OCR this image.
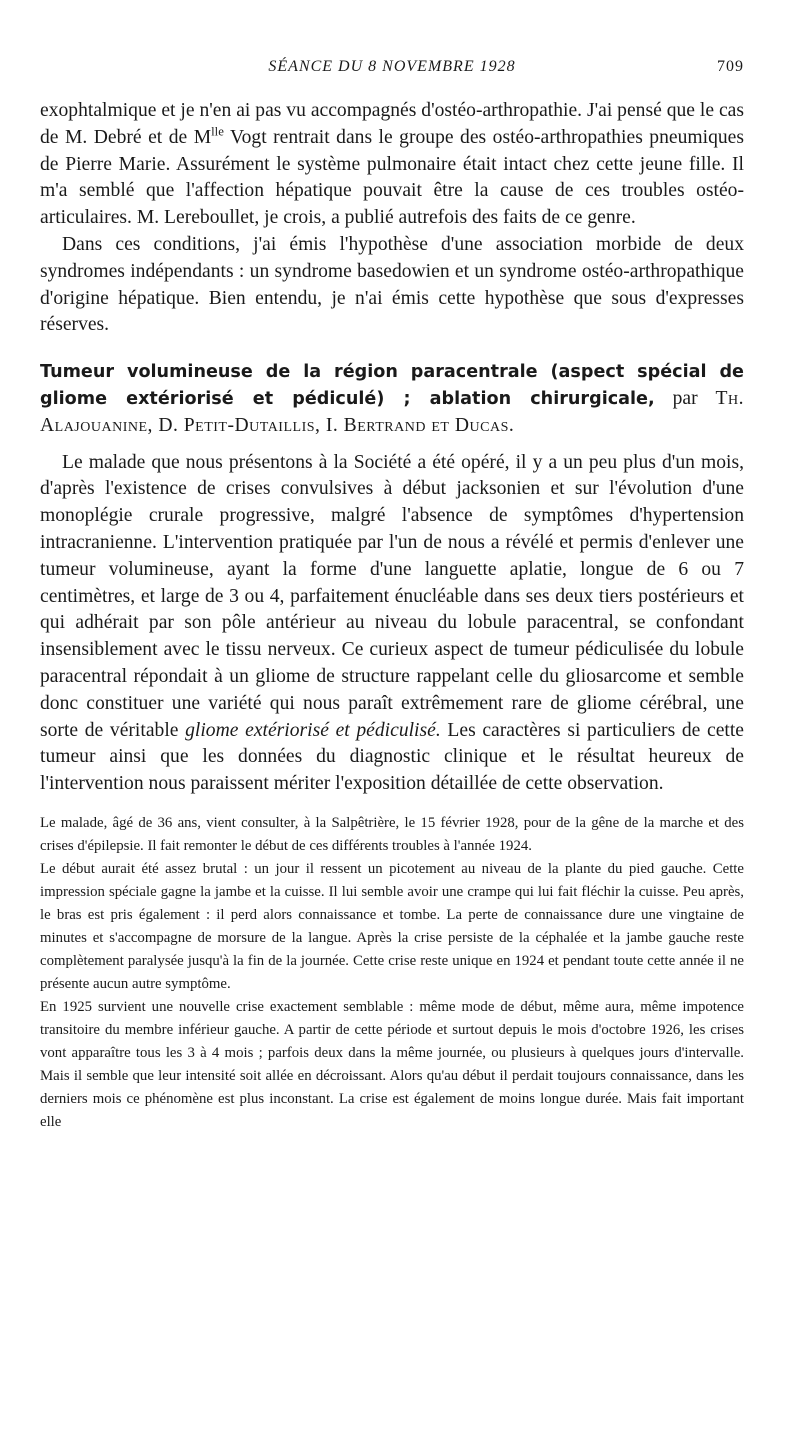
SÉANCE DU 8 NOVEMBRE 1928	709

exophtalmique et je n'en ai pas vu accompagnés d'ostéo-arthropathie. J'ai pensé que le cas de M. Debré et de $M^{lle}$ Vogt rentrait dans le groupe des ostéo-arthropathies pneumiques de Pierre Marie. Assurément le système pulmonaire était intact chez cette jeune fille. Il m'a semblé que l'affection hépatique pouvait être la cause de ces troubles ostéo-articulaires. M. Lereboullet, je crois, a publié autrefois des faits de ce genre.

Dans ces conditions, j'ai émis l'hypothèse d'une association morbide de deux syndromes indépendants : un syndrome basedowien et un syndrome ostéo-arthropathique d'origine hépatique. Bien entendu, je n'ai émis cette hypothèse que sous d'expresses réserves.

Tumeur volumineuse de la région paracentrale (aspect spécial de gliome extériorisé et pédiculé) ; ablation chirurgicale, par Th. Alajouanine, D. Petit-Dutaillis, I. Bertrand et Ducas.

Le malade que nous présentons à la Société a été opéré, il y a un peu plus d'un mois, d'après l'existence de crises convulsives à début jacksonien et sur l'évolution d'une monoplégie crurale progressive, malgré l'absence de symptômes d'hypertension intracranienne. L'intervention pratiquée par l'un de nous a révélé et permis d'enlever une tumeur volumineuse, ayant la forme d'une languette aplatie, longue de 6 ou 7 centimètres, et large de 3 ou 4, parfaitement énucléable dans ses deux tiers postérieurs et qui adhérait par son pôle antérieur au niveau du lobule paracentral, se confondant insensiblement avec le tissu nerveux. Ce curieux aspect de tumeur pédiculisée du lobule paracentral répondait à un gliome de structure rappelant celle du gliosarcome et semble donc constituer une variété qui nous paraît extrêmement rare de gliome cérébral, une sorte de véritable gliome extériorisé et pédiculisé. Les caractères si particuliers de cette tumeur ainsi que les données du diagnostic clinique et le résultat heureux de l'intervention nous paraissent mériter l'exposition détaillée de cette observation.

Le malade, âgé de 36 ans, vient consulter, à la Salpêtrière, le 15 février 1928, pour de la gêne de la marche et des crises d'épilepsie. Il fait remonter le début de ces différents troubles à l'année 1924.

Le début aurait été assez brutal : un jour il ressent un picotement au niveau de la plante du pied gauche. Cette impression spéciale gagne la jambe et la cuisse. Il lui semble avoir une crampe qui lui fait fléchir la cuisse. Peu après, le bras est pris également : il perd alors connaissance et tombe. La perte de connaissance dure une vingtaine de minutes et s'accompagne de morsure de la langue. Après la crise persiste de la céphalée et la jambe gauche reste complètement paralysée jusqu'à la fin de la journée. Cette crise reste unique en 1924 et pendant toute cette année il ne présente aucun autre symptôme.

En 1925 survient une nouvelle crise exactement semblable : même mode de début, même aura, même impotence transitoire du membre inférieur gauche. A partir de cette période et surtout depuis le mois d'octobre 1926, les crises vont apparaître tous les 3 à 4 mois ; parfois deux dans la même journée, ou plusieurs à quelques jours d'intervalle. Mais il semble que leur intensité soit allée en décroissant. Alors qu'au début il perdait toujours connaissance, dans les derniers mois ce phénomène est plus inconstant. La crise est également de moins longue durée. Mais fait important elle
